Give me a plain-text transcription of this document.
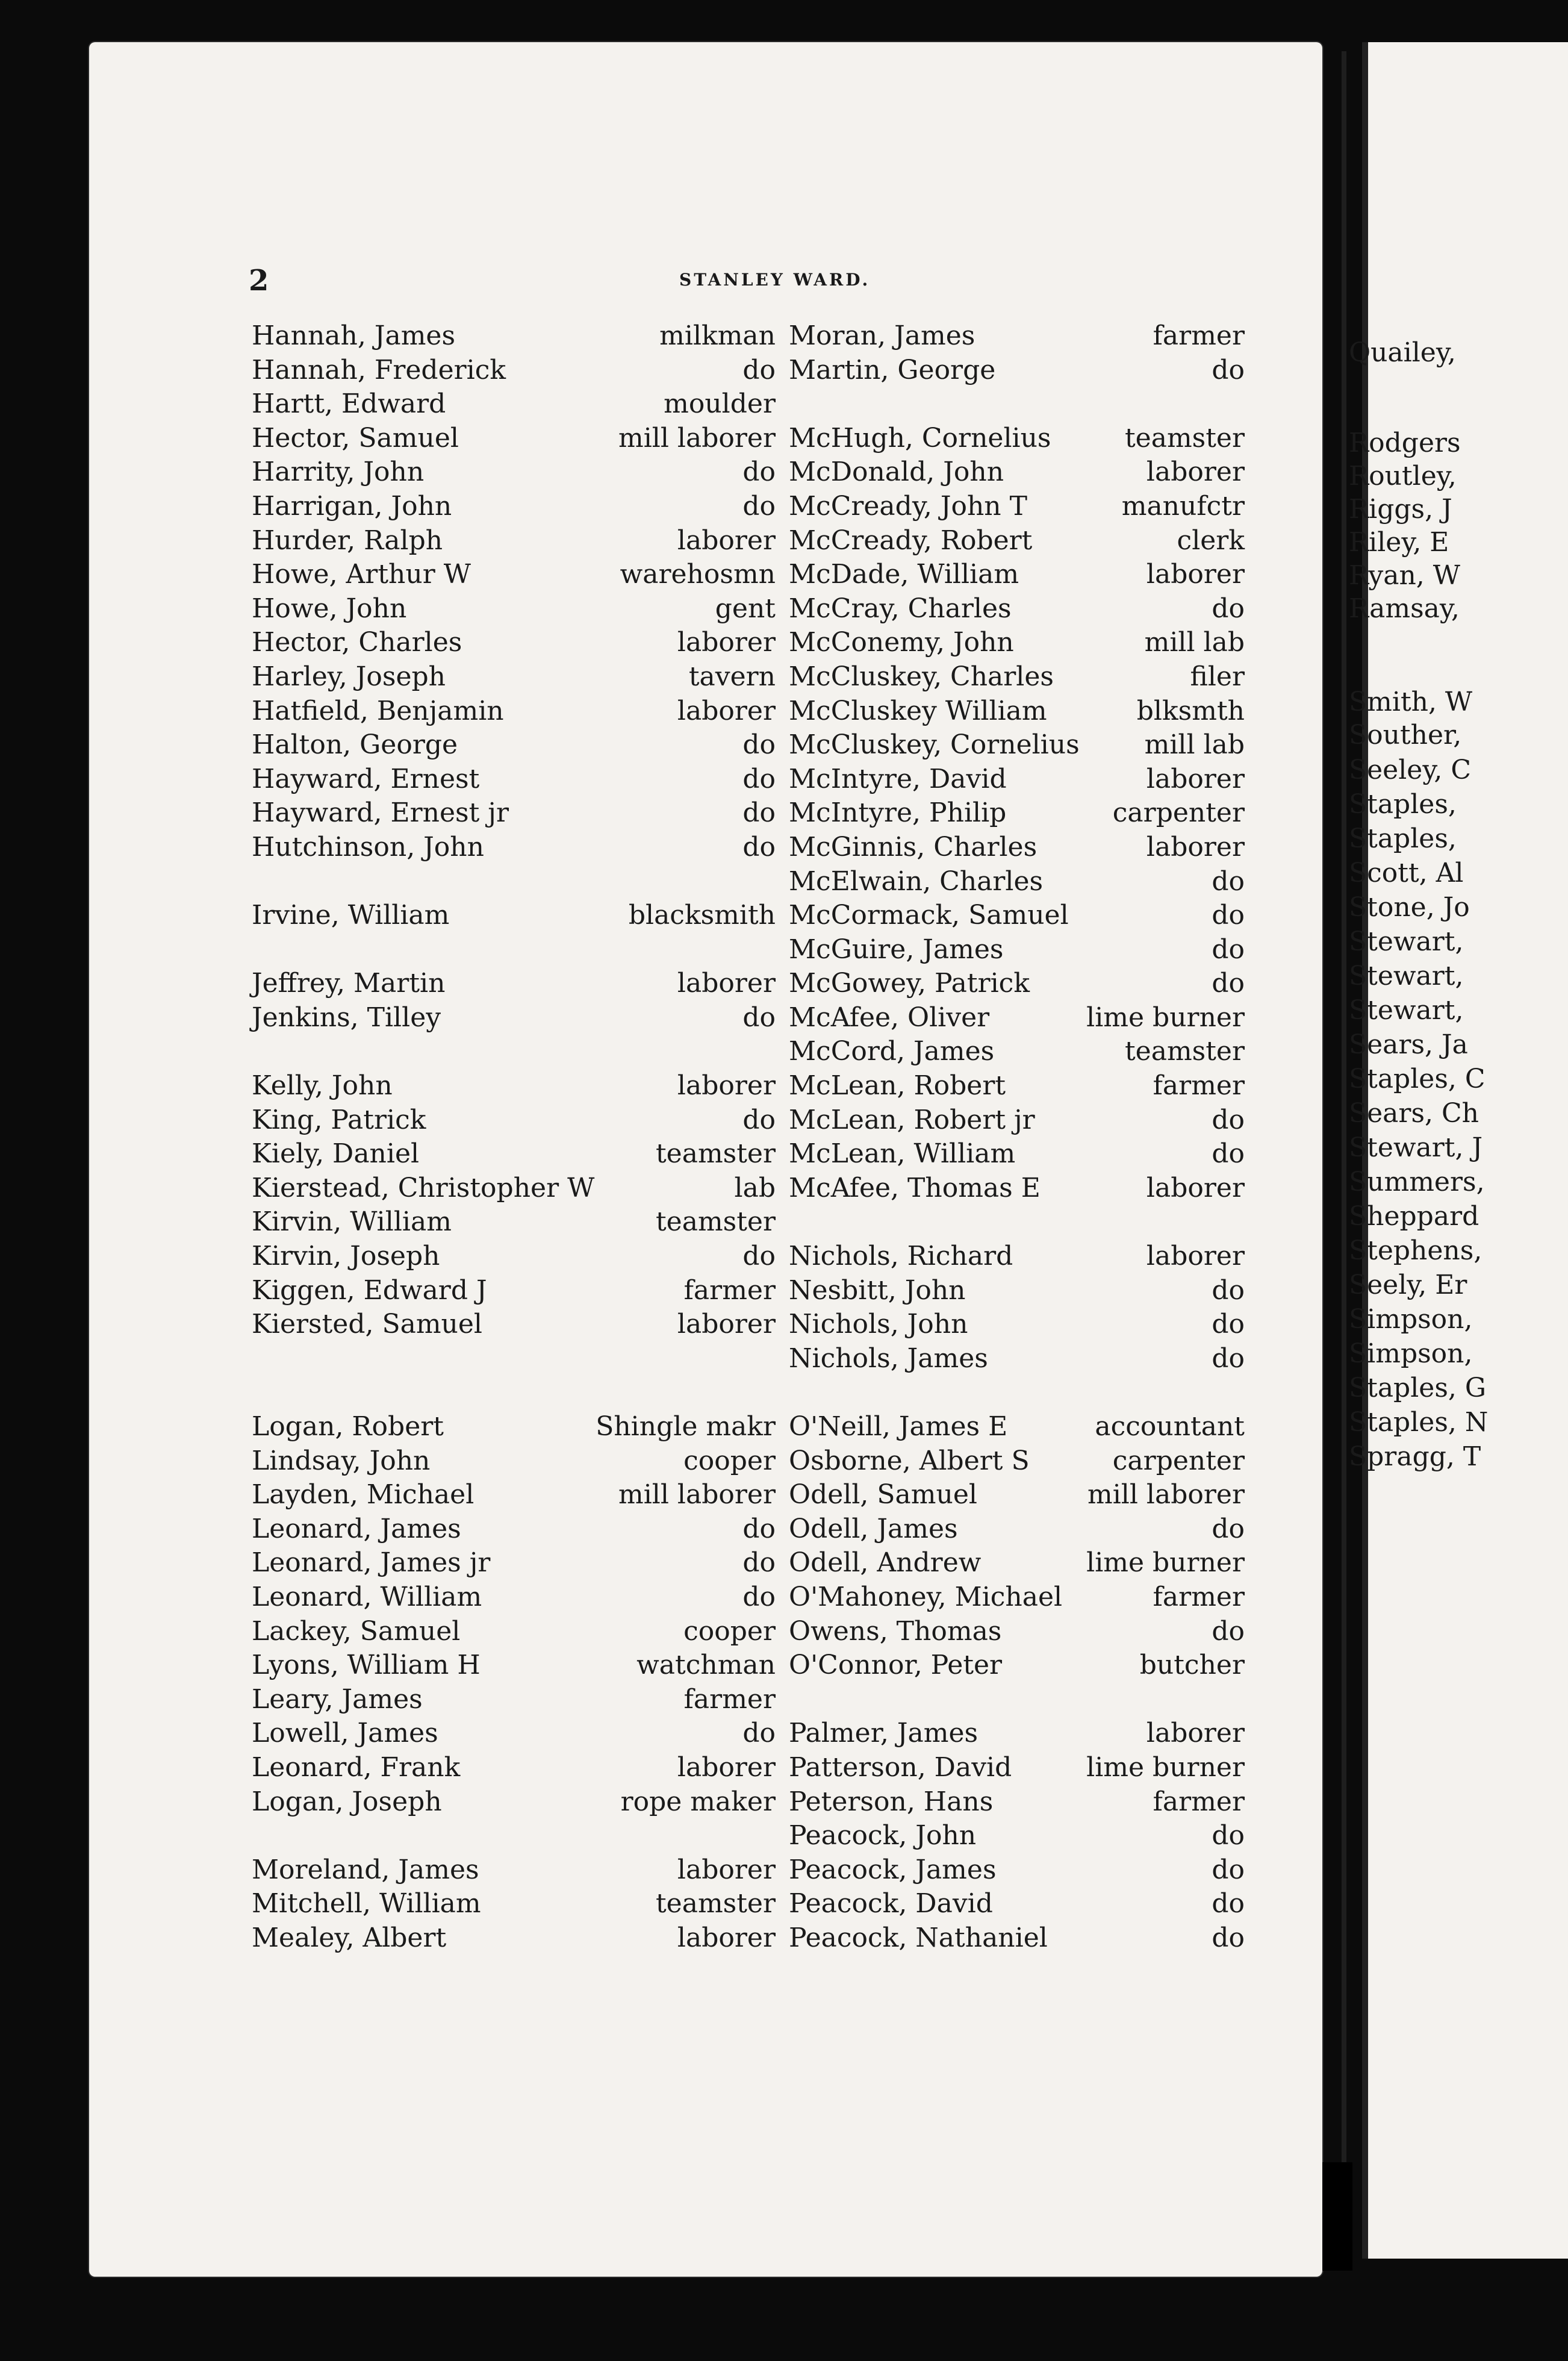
2	STANLEY WARD.
Hannah, James	milkman
Hannah, Frederick	do
Hartt, Edward	moulder
Hector, Samuel	mill laborer
Harrity, John	do
Harrigan, John	do
Hurder, Ralph	laborer
Howe, Arthur W	warehosmn
Howe, John	gent
Hector, Charles	laborer
Harley, Joseph	tavern
Hatfield, Benjamin	laborer
Halton, George	do
Hayward, Ernest	do
Hayward, Ernest jr	do
Hutchinson, John	do
Irvine, William	blacksmith
Jeffrey, Martin	laborer
Jenkins, Tilley	do
Kelly, John	laborer
King, Patrick	do
Kiely, Daniel	teamster
Kierstead, Christopher W	lab
Kirvin, William	teamster
Kirvin, Joseph	do
Kiggen, Edward J	farmer
Kiersted, Samuel	laborer
Logan, Robert	Shingle makr
Lindsay, John	cooper
Layden, Michael	mill laborer
Leonard, James	do
Leonard, James jr	do
Leonard, William	do
Lackey, Samuel	cooper
Lyons, William H	watchman
Leary, James	farmer
Lowell, James	do
Leonard, Frank	laborer
Logan, Joseph	rope maker
Moreland, James	laborer
Mitchell, William	teamster
Mealey, Albert	laborer
Moran, James	farmer
Martin, George	do
McHugh, Cornelius	teamster
McDonald, John	laborer
McCready, John T	manufctr
McCready, Robert	clerk
McDade, William	laborer
McCray, Charles	do
McConemy, John	mill lab
McCluskey, Charles	filer
McCluskey William	blksmth
McCluskey, Cornelius mill lab
McIntyre, David	laborer
McIntyre, Philip	carpenter
McGinnis, Charles	laborer
McElwain, Charles	do
McCormack, Samuel	do
McGuire, James	do
McGowey, Patrick	do
McAfee, Oliver	lime burner
McCord, James	teamster
McLean, Robert	farmer
McLean, Robert jr	do
McLean, William	do
McAfee, Thomas E	laborer
Nichols, Richard	laborer
Nesbitt, John	do
Nichols, John	do
Nichols, James	do
O'Neill, James E	accountant
Osborne, Albert S	carpenter
Odell, Samuel	mill laborer
Odell, James	do
Odell, Andrew	lime burner
O'Mahoney, Michael	farmer
Owens, Thomas	do
O'Connor, Peter	butcher
Palmer, James	laborer
Patterson, David	lime burner
Peterson, Hans	farmer
Peacock, John	do
Peacock, James	do
Peacock, David	do
Peacock, Nathaniel	do
Quailey,
Rodgers
Routley,
Riggs, J
Riley, E
Ryan, W
Ramsay,
Smith, W
Souther,
Seeley, C
Staples,
Staples,
Scott, Al
Stone, Jo
Stewart,
Stewart,
Stewart,
Sears, Ja
Staples, C
Sears, Ch
Stewart, J
Summers,
Sheppard
Stephens,
Seely, Er
Simpson,
Simpson,
Staples, G
Staples, N
Spragg, T
